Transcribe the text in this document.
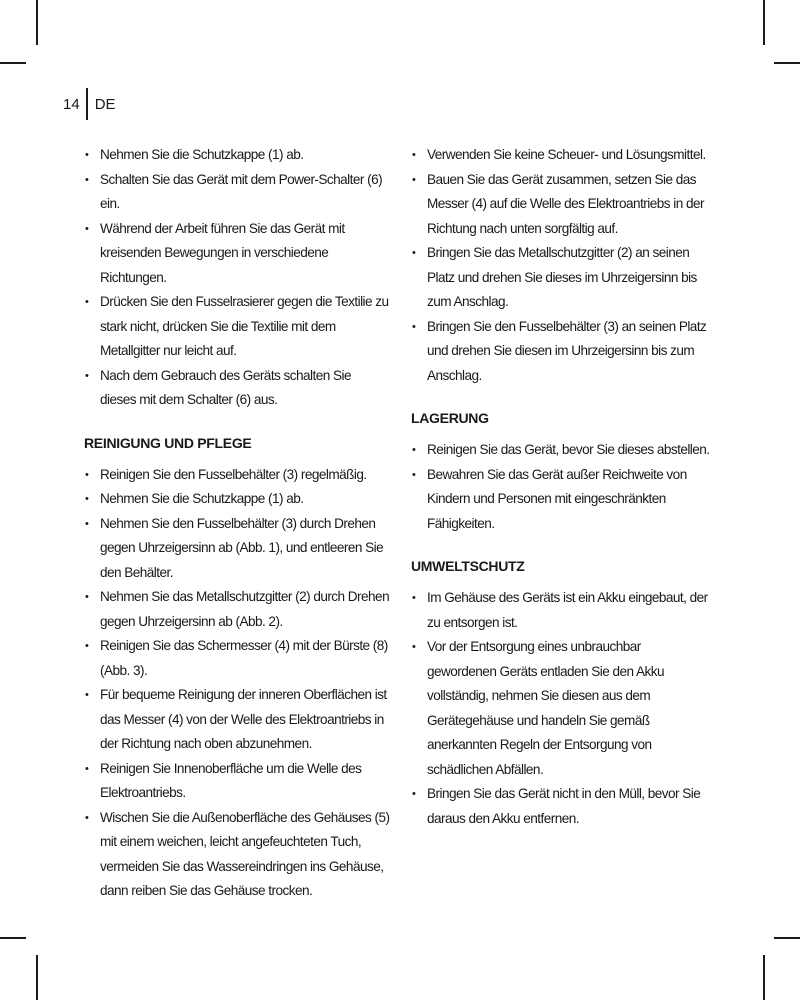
14	DE
• Nehmen Sie die Schutzkappe (1) ab.
• Schalten Sie das Gerät mit dem Power-Schalter (6) ein.
• Während der Arbeit führen Sie das Gerät mit kreisenden Bewegungen in verschiedene Richtungen.
• Drücken Sie den Fusselrasierer gegen die Textilie zu stark nicht, drücken Sie die Textilie mit dem Metallgitter nur leicht auf.
• Nach dem Gebrauch des Geräts schalten Sie dieses mit dem Schalter (6) aus.
REINIGUNG UND PFLEGE
• Reinigen Sie den Fusselbehälter (3) regelmäßig.
• Nehmen Sie die Schutzkappe (1) ab.
• Nehmen Sie den Fusselbehälter (3) durch Drehen gegen Uhrzeigersinn ab (Abb. 1), und entleeren Sie den Behälter.
• Nehmen Sie das Metallschutzgitter (2) durch Drehen gegen Uhrzeigersinn ab (Abb. 2).
• Reinigen Sie das Schermesser (4) mit der Bürste (8) (Abb. 3).
• Für bequeme Reinigung der inneren Oberflächen ist das Messer (4) von der Welle des Elektroantriebs in der Richtung nach oben abzunehmen.
• Reinigen Sie Innenoberfläche um die Welle des Elektroantriebs.
• Wischen Sie die Außenoberfläche des Gehäuses (5) mit einem weichen, leicht angefeuchteten Tuch, vermeiden Sie das Wassereindringen ins Gehäuse, dann reiben Sie das Gehäuse trocken.
• Verwenden Sie keine Scheuer- und Lösungsmittel.
• Bauen Sie das Gerät zusammen, setzen Sie das Messer (4) auf die Welle des Elektroantriebs in der Richtung nach unten sorgfältig auf.
• Bringen Sie das Metallschutzgitter (2) an seinen Platz und drehen Sie dieses im Uhrzeigersinn bis zum Anschlag.
• Bringen Sie den Fusselbehälter (3) an seinen Platz und drehen Sie diesen im Uhrzeigersinn bis zum Anschlag.
LAGERUNG
• Reinigen Sie das Gerät, bevor Sie dieses abstellen.
• Bewahren Sie das Gerät außer Reichweite von Kindern und Personen mit eingeschränkten Fähigkeiten.
UMWELTSCHUTZ
• Im Gehäuse des Geräts ist ein Akku eingebaut, der zu entsorgen ist.
• Vor der Entsorgung eines unbrauchbar gewordenen Geräts entladen Sie den Akku vollständig, nehmen Sie diesen aus dem Gerätegehäuse und handeln Sie gemäß anerkannten Regeln der Entsorgung von schädlichen Abfällen.
• Bringen Sie das Gerät nicht in den Müll, bevor Sie daraus den Akku entfernen.
